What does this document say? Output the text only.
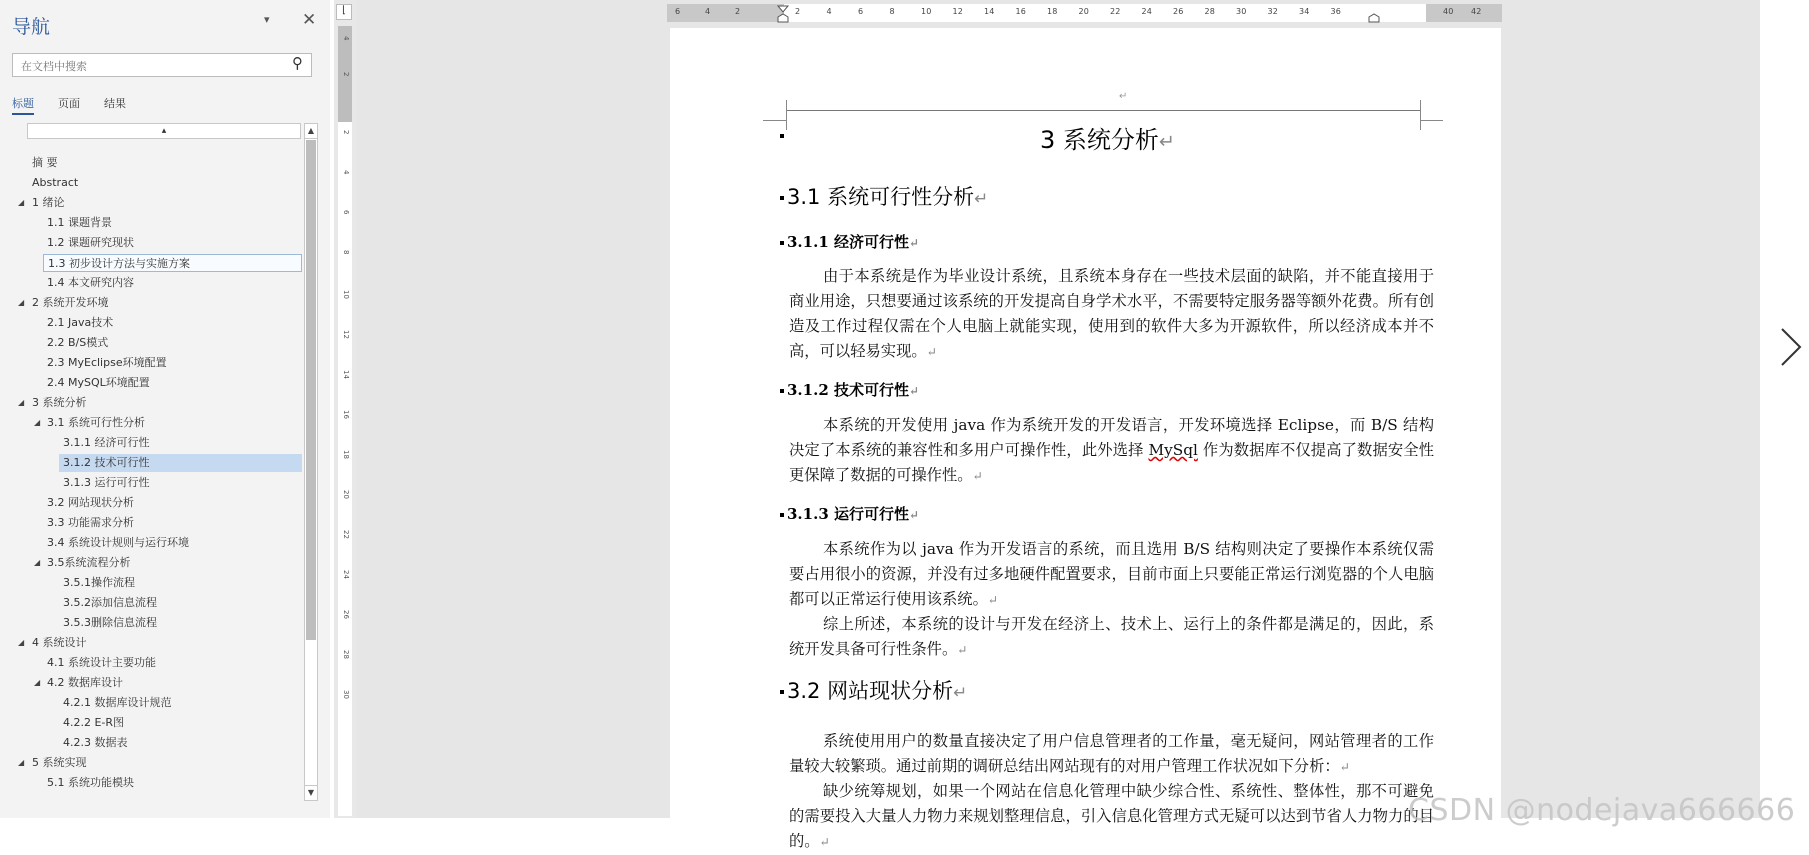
导航	▾ ✕
在文档中搜索
⚲
标题 页面 结果
▴
摘 要
Abstract
1 绪论
◢
1.1 课题背景
1.2 课题研究现状
1.3 初步设计方法与实施方案
1.4 本文研究内容
2 系统开发环境
◢
2.1 Java技术
2.2 B/S模式
2.3 MyEclipse环境配置
2.4 MySQL环境配置
3 系统分析
◢
3.1 系统可行性分析
◢
3.1.1 经济可行性
3.1.2 技术可行性
3.1.3 运行可行性
3.2 网站现状分析
3.3 功能需求分析
3.4 系统设计规则与运行环境
3.5系统流程分析
◢
3.5.1操作流程
3.5.2添加信息流程
3.5.3删除信息流程
4 系统设计
◢
4.1 系统设计主要功能
4.2 数据库设计
◢
4.2.1 数据库设计规范
4.2.2 E-R图
4.2.3 数据表
5 系统实现
◢
5.1 系统功能模块
▲
▼
⌊
4
2
2
4
6
8
10
12
14
16
18
20
22
24
26
28
30
6	4	2	2	4	6	8	10	12	14	16	18	20	22	24	26	28	30	32	34	36	40 42
↵
3 系统分析↵
3.1 系统可行性分析↵
3.1.1 经济可行性↵
由于本系统是作为毕业设计系统，且系统本身存在一些技术层面的缺陷，并不能直接用于商业用途，只想要通过该系统的开发提高自身学术水平，不需要特定服务器等额外花费。所有创造及工作过程仅需在个人电脑上就能实现，使用到的软件大多为开源软件，所以经济成本并不高，可以轻易实现。↵
3.1.2 技术可行性↵
本系统的开发使用 java 作为系统开发的开发语言，开发环境选择 Eclipse，而 B/S 结构决定了本系统的兼容性和多用户可操作性，此外选择 MySql 作为数据库不仅提高了数据安全性更保障了数据的可操作性。↵
3.1.3 运行可行性↵
本系统作为以 java 作为开发语言的系统，而且选用 B/S 结构则决定了要操作本系统仅需要占用很小的资源，并没有过多地硬件配置要求，目前市面上只要能正常运行浏览器的个人电脑都可以正常运行使用该系统。↵
综上所述，本系统的设计与开发在经济上、技术上、运行上的条件都是满足的，因此，系统开发具备可行性条件。↵
3.2 网站现状分析↵
系统使用用户的数量直接决定了用户信息管理者的工作量，毫无疑问，网站管理者的工作量较大较繁琐。通过前期的调研总结出网站现有的对用户管理工作状况如下分析：↵
缺少统筹规划，如果一个网站在信息化管理中缺少综合性、系统性、整体性，那不可避免的需要投入大量人力物力来规划整理信息，引入信息化管理方式无疑可以达到节省人力物力的目的。↵
CSDN @nodejava666666
